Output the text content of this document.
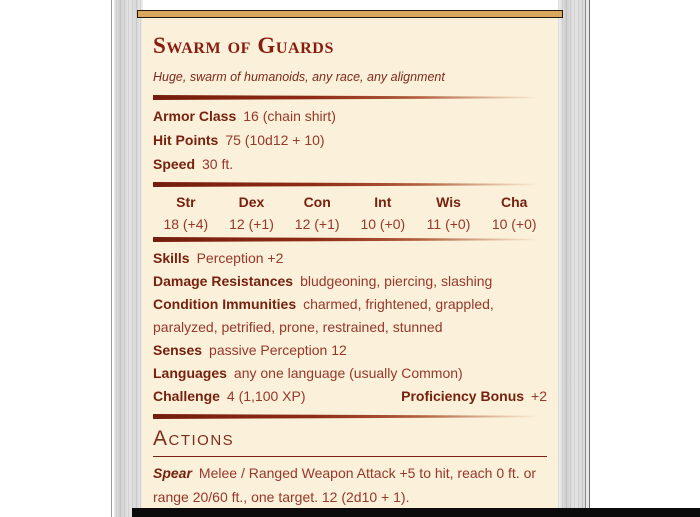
Swarm of Guards

Huge, swarm of humanoids, any race, any alignment

Armor Class 16 (chain shirt)

Hit Points 75 (10d12 + 10)

Speed 30 ft.

Str
18 (+4)
Dex
12 (+1)
Con
12 (+1)
Int
10 (+0)
Wis
11 (+0)
Cha
10 (+0)

Skills Perception +2

Damage Resistances bludgeoning, piercing, slashing

Condition Immunities charmed, frightened, grappled, paralyzed, petrified, prone, restrained, stunned

Senses passive Perception 12

Languages any one language (usually Common)

Challenge 4 (1,100 XP)	Proficiency Bonus +2

Actions

Spear Melee / Ranged Weapon Attack +5 to hit, reach 0 ft. or range 20/60 ft., one target. 12 (2d10 + 1).
